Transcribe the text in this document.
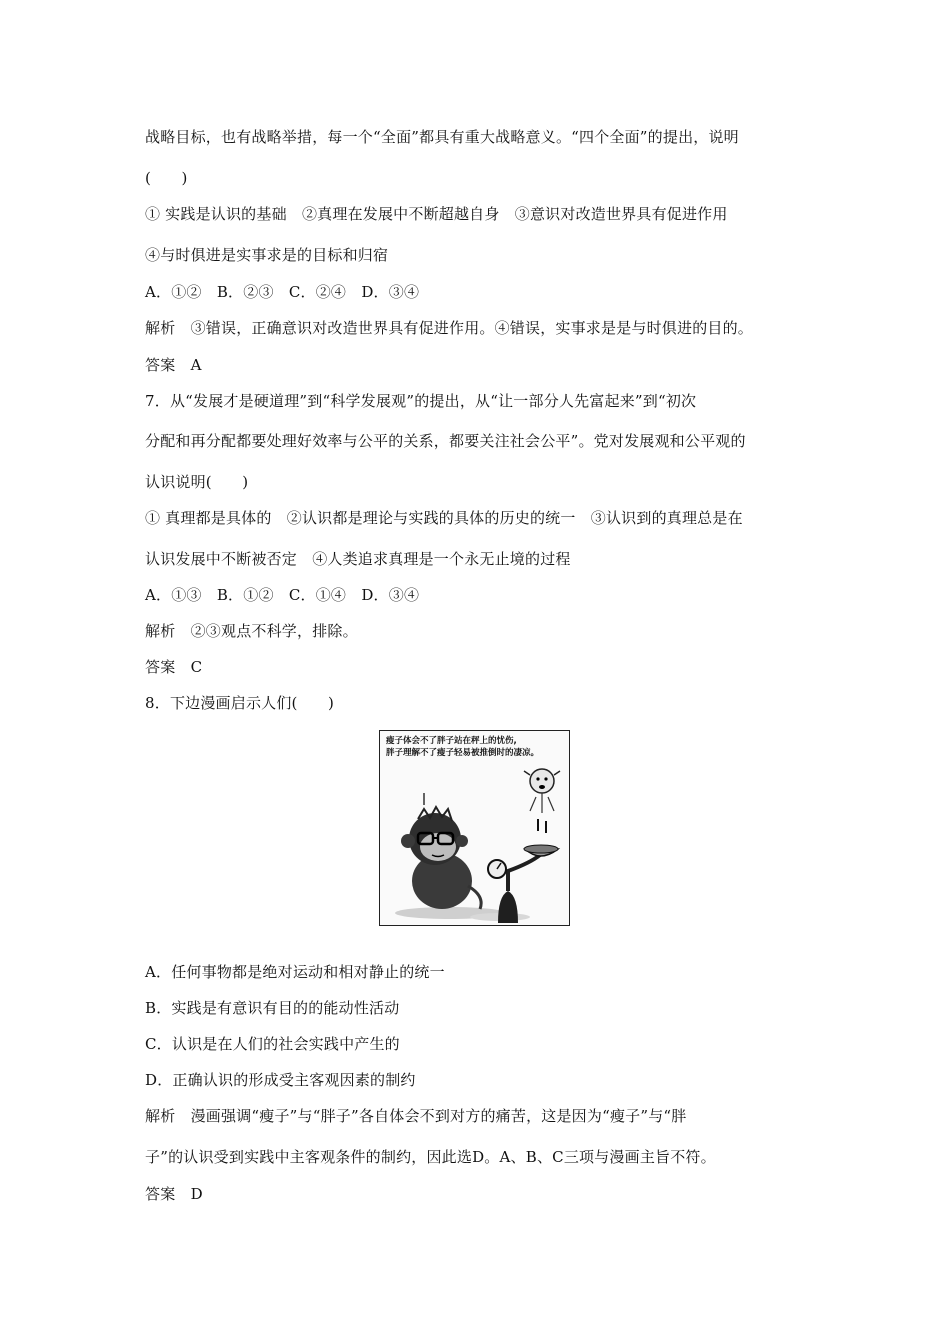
战略目标，也有战略举措，每一个“全面”都具有重大战略意义。“四个全面”的提出，说明
(　　)
① 实践是认识的基础　②真理在发展中不断超越自身　③意识对改造世界具有促进作用
④与时俱进是实事求是的目标和归宿
A．①②　B．②③　C．②④　D．③④
解析　③错误，正确意识对改造世界具有促进作用。④错误，实事求是是与时俱进的目的。
答案　A
7．从“发展才是硬道理”到“科学发展观”的提出，从“让一部分人先富起来”到“初次
分配和再分配都要处理好效率与公平的关系，都要关注社会公平”。党对发展观和公平观的
认识说明(　　)
① 真理都是具体的　②认识都是理论与实践的具体的历史的统一　③认识到的真理总是在
认识发展中不断被否定　④人类追求真理是一个永无止境的过程
A．①③　B．①②　C．①④　D．③④
解析　②③观点不科学，排除。
答案　C
8．下边漫画启示人们(　　)
瘦子体会不了胖子站在秤上的忧伤,
胖子理解不了瘦子轻易被推倒时的凄凉。
A．任何事物都是绝对运动和相对静止的统一
B．实践是有意识有目的的能动性活动
C．认识是在人们的社会实践中产生的
D．正确认识的形成受主客观因素的制约
解析　漫画强调“瘦子”与“胖子”各自体会不到对方的痛苦，这是因为“瘦子”与“胖
子”的认识受到实践中主客观条件的制约，因此选D。A、B、C三项与漫画主旨不符。
答案　D
